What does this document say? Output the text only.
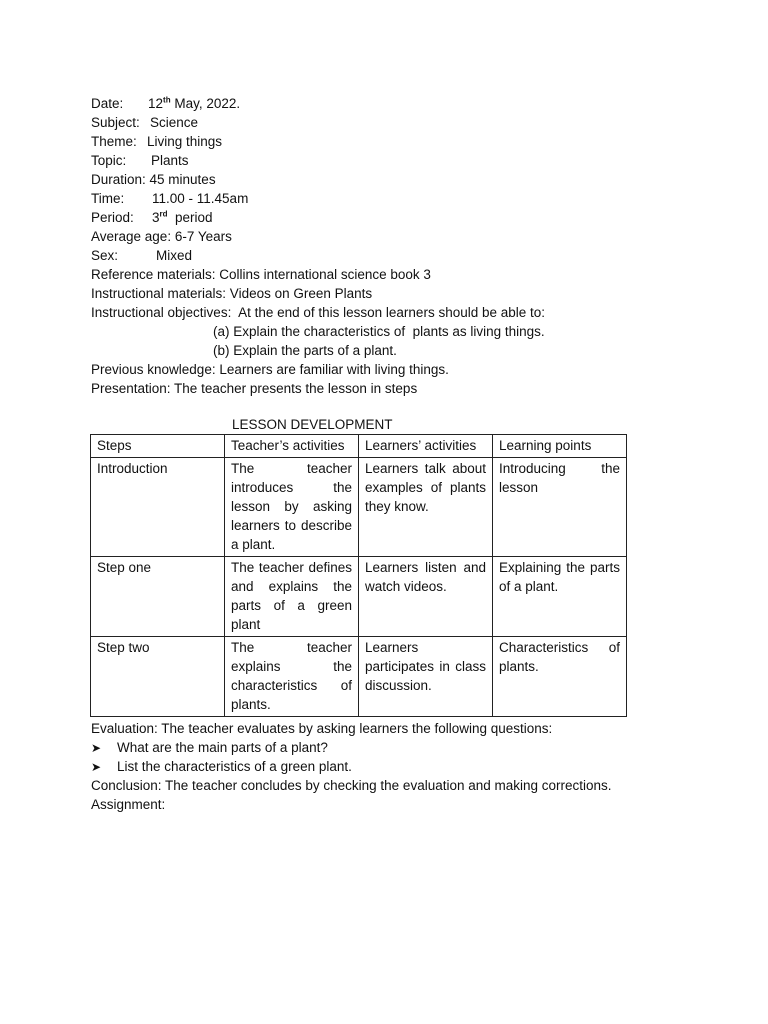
Date: 12th May, 2022.
Subject: Science
Theme: Living things
Topic: Plants
Duration: 45 minutes
Time: 11.00 - 11.45am
Period: 3rd  period
Average age: 6-7 Years
Sex:	Mixed
Reference materials: Collins international science book 3
Instructional materials: Videos on Green Plants
Instructional objectives:  At the end of this lesson learners should be able to:
(a) Explain the characteristics of  plants as living things.
(b) Explain the parts of a plant.
Previous knowledge: Learners are familiar with living things.
Presentation: The teacher presents the lesson in steps
LESSON DEVELOPMENT
Steps	Teacher’s activities	Learners’ activities	Learning points
Introduction	The teacher introduces the lesson by asking learners to describe a plant.	Learners talk about examples of plants they know.	Introducing the lesson
Step one	The teacher defines and explains the parts of a green plant	Learners listen and watch videos.	Explaining the parts of a plant.
Step two	The teacher explains the characteristics of plants.	Learners participates in class discussion.	Characteristics of plants.
Evaluation: The teacher evaluates by asking learners the following questions:
➤ What are the main parts of a plant?
➤ List the characteristics of a green plant.
Conclusion: The teacher concludes by checking the evaluation and making corrections.
Assignment:
